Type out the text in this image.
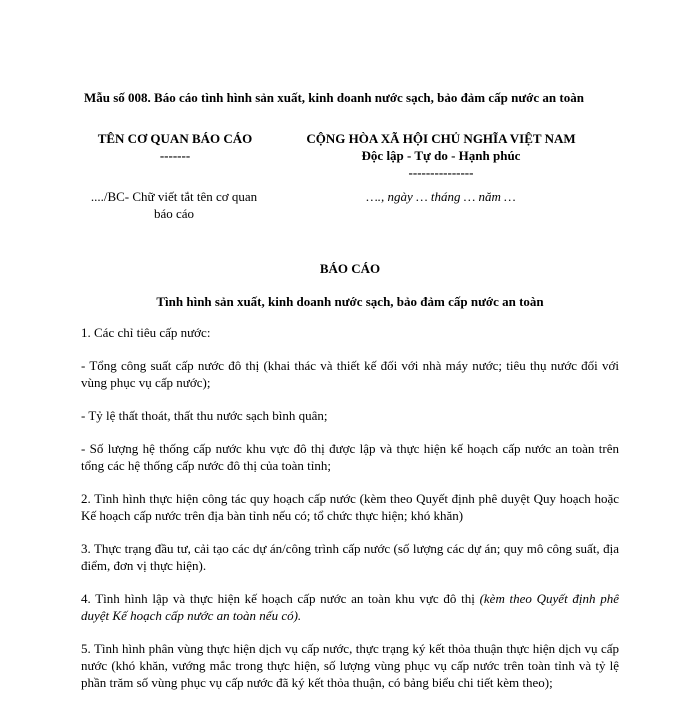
Mẫu số 008. Báo cáo tình hình sản xuất, kinh doanh nước sạch, bảo đảm cấp nước an toàn
TÊN CƠ QUAN BÁO CÁO
-------
CỘNG HÒA XÃ HỘI CHỦ NGHĨA VIỆT NAM
Độc lập - Tự do - Hạnh phúc
---------------
..../BC- Chữ viết tắt tên cơ quan
báo cáo
…., ngày … tháng … năm …
BÁO CÁO
Tình hình sản xuất, kinh doanh nước sạch, bảo đảm cấp nước an toàn

1. Các chỉ tiêu cấp nước:

- Tổng công suất cấp nước đô thị (khai thác và thiết kế đối với nhà máy nước; tiêu thụ nước đối với vùng phục vụ cấp nước);

- Tỷ lệ thất thoát, thất thu nước sạch bình quân;

- Số lượng hệ thống cấp nước khu vực đô thị được lập và thực hiện kế hoạch cấp nước an toàn trên tổng các hệ thống cấp nước đô thị của toàn tỉnh;

2. Tình hình thực hiện công tác quy hoạch cấp nước (kèm theo Quyết định phê duyệt Quy hoạch hoặc Kế hoạch cấp nước trên địa bàn tỉnh nếu có; tổ chức thực hiện; khó khăn)

3. Thực trạng đầu tư, cải tạo các dự án/công trình cấp nước (số lượng các dự án; quy mô công suất, địa điểm, đơn vị thực hiện).

4. Tình hình lập và thực hiện kế hoạch cấp nước an toàn khu vực đô thị (kèm theo Quyết định phê duyệt Kế hoạch cấp nước an toàn nếu có).

5. Tình hình phân vùng thực hiện dịch vụ cấp nước, thực trạng ký kết thỏa thuận thực hiện dịch vụ cấp nước (khó khăn, vướng mắc trong thực hiện, số lượng vùng phục vụ cấp nước trên toàn tỉnh và tỷ lệ phần trăm số vùng phục vụ cấp nước đã ký kết thỏa thuận, có bảng biểu chi tiết kèm theo);
